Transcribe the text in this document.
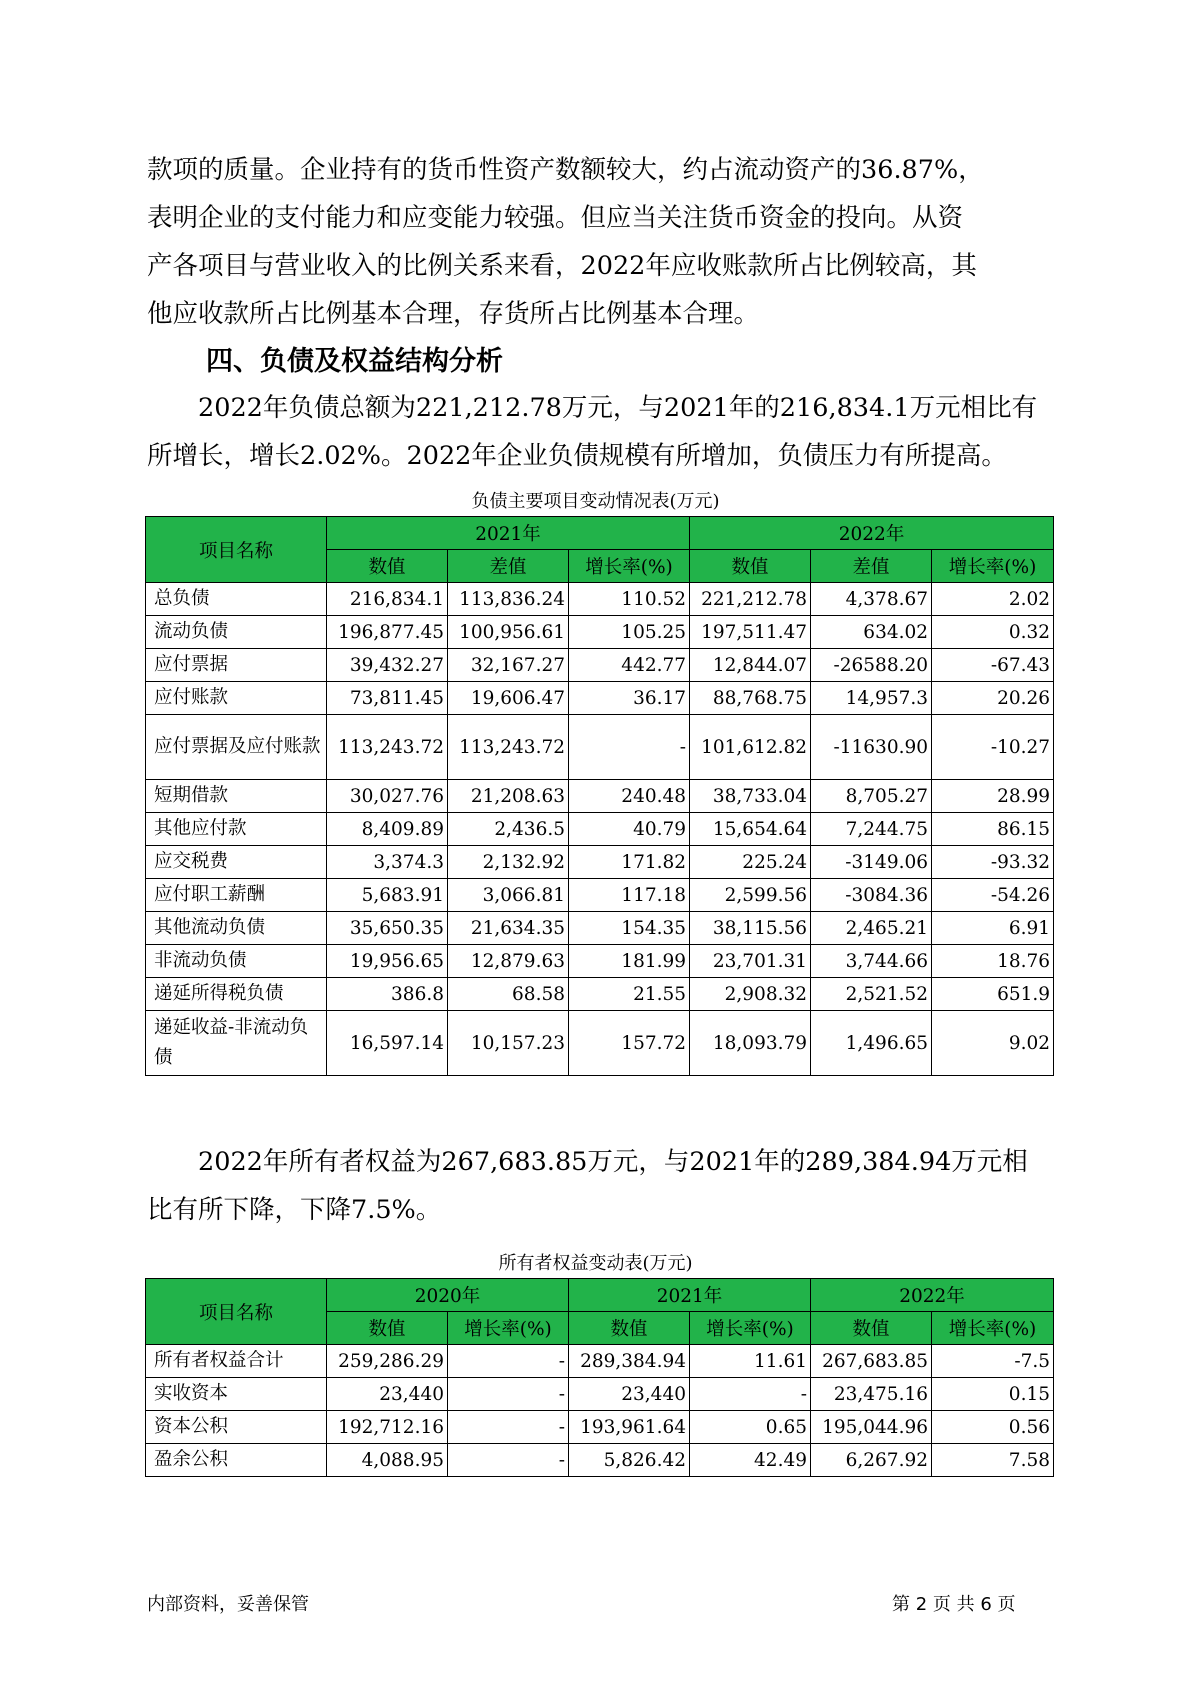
款项的质量。企业持有的货币性资产数额较大，约占流动资产的36.87%，

表明企业的支付能力和应变能力较强。但应当关注货币资金的投向。从资

产各项目与营业收入的比例关系来看，2022年应收账款所占比例较高，其

他应收款所占比例基本合理，存货所占比例基本合理。

四、负债及权益结构分析

2022年负债总额为221,212.78万元，与2021年的216,834.1万元相比有

所增长，增长2.02%。2022年企业负债规模有所增加，负债压力有所提高。

负债主要项目变动情况表(万元)
项目名称	2021年			2022年		
	数值	差值	增长率(%)	数值	差值	增长率(%)
总负债	216,834.1	113,836.24	110.52	221,212.78	4,378.67	2.02
流动负债	196,877.45	100,956.61	105.25	197,511.47	634.02	0.32
应付票据	39,432.27	32,167.27	442.77	12,844.07	-26588.20	-67.43
应付账款	73,811.45	19,606.47	36.17	88,768.75	14,957.3	20.26
应付票据及应付账款	113,243.72	113,243.72	-	101,612.82	-11630.90	-10.27
短期借款	30,027.76	21,208.63	240.48	38,733.04	8,705.27	28.99
其他应付款	8,409.89	2,436.5	40.79	15,654.64	7,244.75	86.15
应交税费	3,374.3	2,132.92	171.82	225.24	-3149.06	-93.32
应付职工薪酬	5,683.91	3,066.81	117.18	2,599.56	-3084.36	-54.26
其他流动负债	35,650.35	21,634.35	154.35	38,115.56	2,465.21	6.91
非流动负债	19,956.65	12,879.63	181.99	23,701.31	3,744.66	18.76
递延所得税负债	386.8	68.58	21.55	2,908.32	2,521.52	651.9
递延收益-非流动负债	16,597.14	10,157.23	157.72	18,093.79	1,496.65	9.02

2022年所有者权益为267,683.85万元，与2021年的289,384.94万元相

比有所下降，下降7.5%。

所有者权益变动表(万元)
项目名称	2020年		2021年		2022年	
	数值	增长率(%)	数值	增长率(%)	数值	增长率(%)
所有者权益合计	259,286.29	-	289,384.94	11.61	267,683.85	-7.5
实收资本	23,440	-	23,440	-	23,475.16	0.15
资本公积	192,712.16	-	193,961.64	0.65	195,044.96	0.56
盈余公积	4,088.95	-	5,826.42	42.49	6,267.92	7.58
内部资料，妥善保管	第 2 页 共 6 页
